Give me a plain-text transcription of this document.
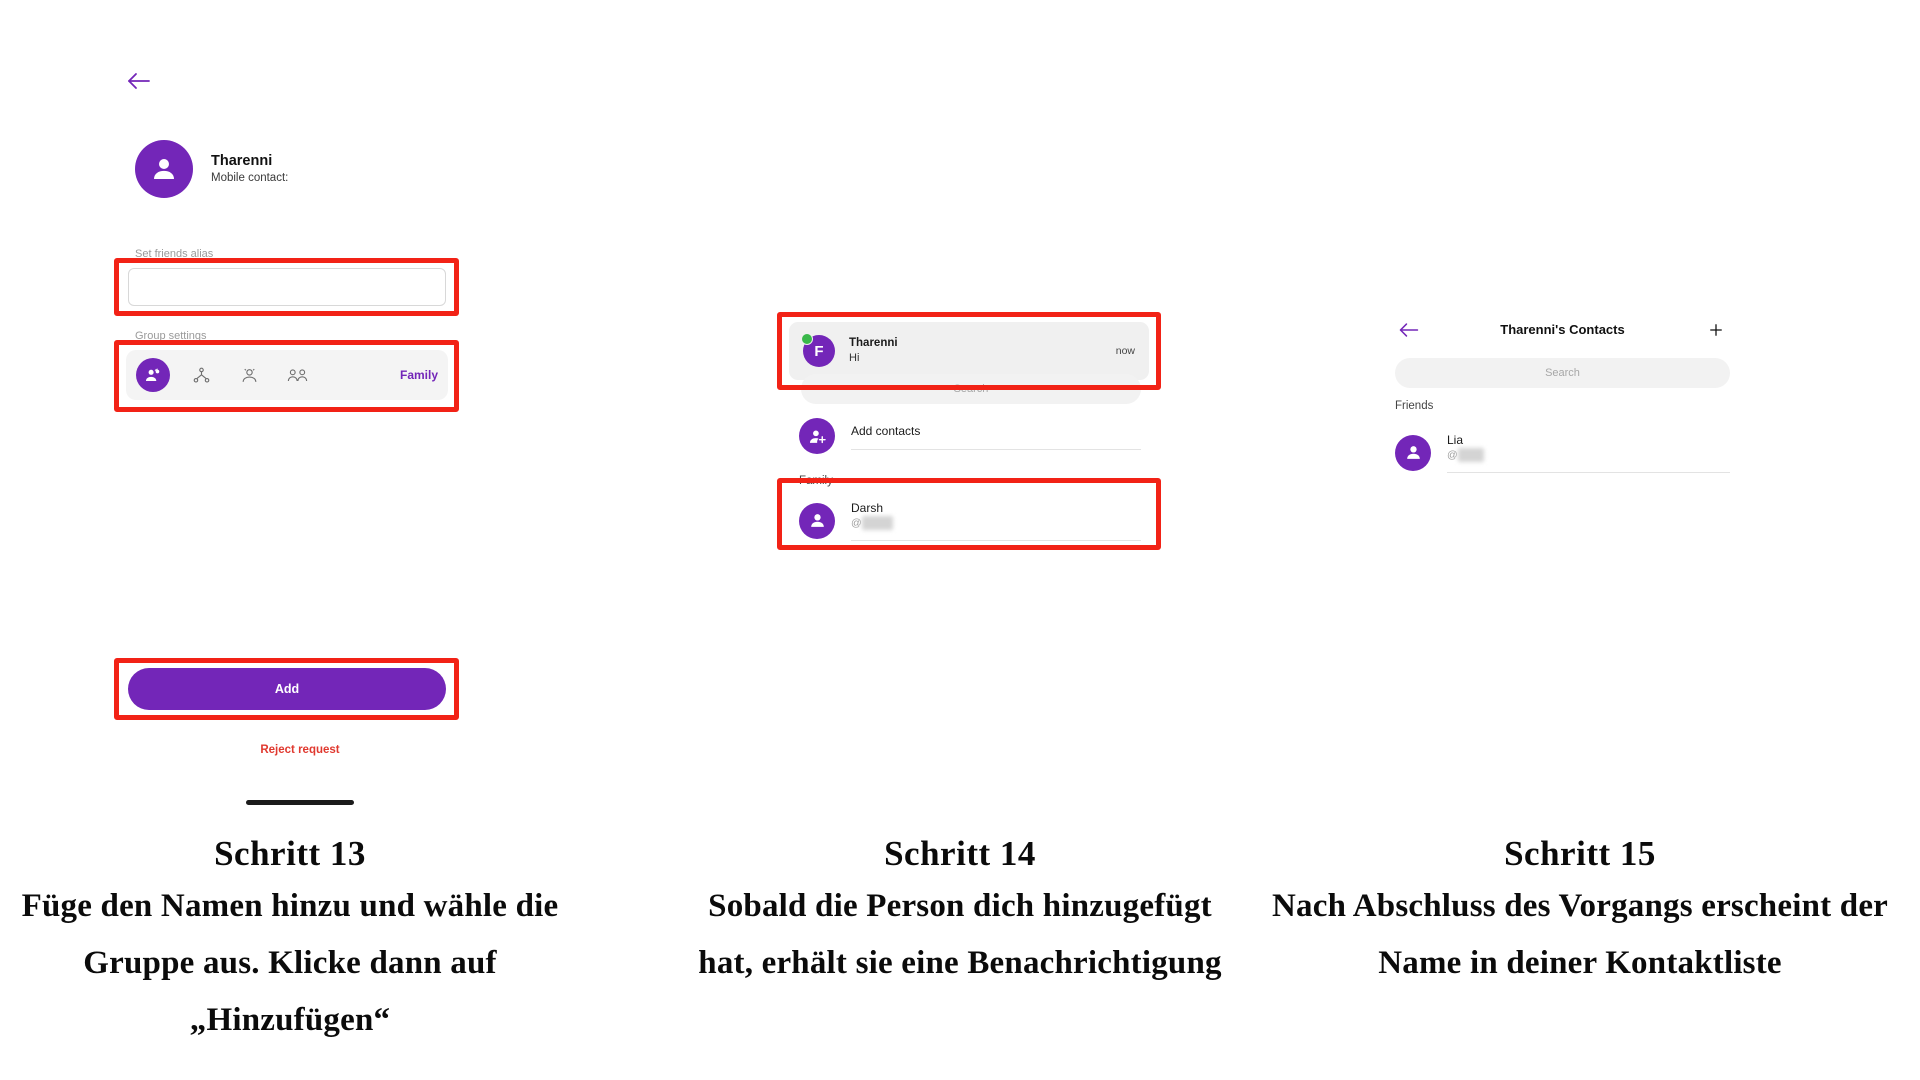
Tharenni
Mobile contact:
Set friends alias
Group settings
Family
Add
Reject request
F Tharenni
Hi
now
Search
Add contacts
Family
Darsh
@
Tharenni's Contacts
Search
Friends
Lia
@
Schritt 13
Füge den Namen hinzu und wähle die Gruppe aus. Klicke dann auf „Hinzufügen“
Schritt 14
Sobald die Person dich hinzugefügt hat, erhält sie eine Benachrichtigung
Schritt 15
Nach Abschluss des Vorgangs erscheint der Name in deiner Kontaktliste
